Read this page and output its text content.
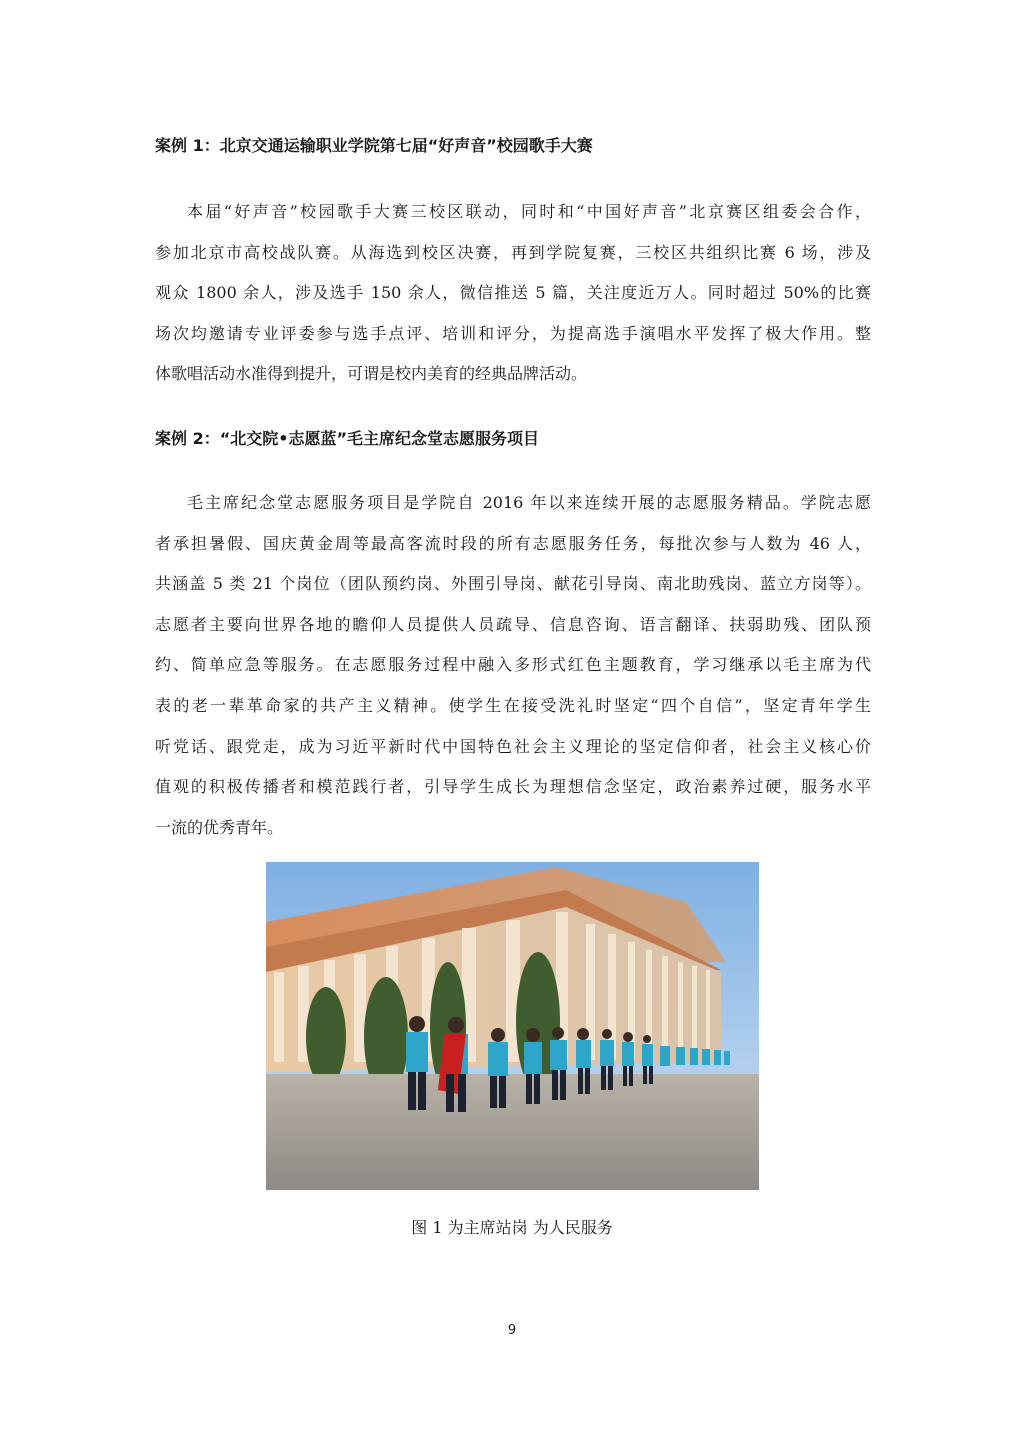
案例 1：北京交通运输职业学院第七届“好声音”校园歌手大赛
本届“好声音”校园歌手大赛三校区联动，同时和“中国好声音”北京赛区组委会合作，
参加北京市高校战队赛。从海选到校区决赛，再到学院复赛，三校区共组织比赛 6 场，涉及
观众 1800 余人，涉及选手 150 余人，微信推送 5 篇，关注度近万人。同时超过 50%的比赛
场次均邀请专业评委参与选手点评、培训和评分，为提高选手演唱水平发挥了极大作用。整
体歌唱活动水准得到提升，可谓是校内美育的经典品牌活动。
案例 2：“北交院•志愿蓝”毛主席纪念堂志愿服务项目
毛主席纪念堂志愿服务项目是学院自 2016 年以来连续开展的志愿服务精品。学院志愿
者承担暑假、国庆黄金周等最高客流时段的所有志愿服务任务，每批次参与人数为 46 人，
共涵盖 5 类 21 个岗位（团队预约岗、外围引导岗、献花引导岗、南北助残岗、蓝立方岗等）。
志愿者主要向世界各地的瞻仰人员提供人员疏导、信息咨询、语言翻译、扶弱助残、团队预
约、简单应急等服务。在志愿服务过程中融入多形式红色主题教育，学习继承以毛主席为代
表的老一辈革命家的共产主义精神。使学生在接受洗礼时坚定“四个自信”，坚定青年学生
听党话、跟党走，成为习近平新时代中国特色社会主义理论的坚定信仰者，社会主义核心价
值观的积极传播者和模范践行者，引导学生成长为理想信念坚定，政治素养过硬，服务水平
一流的优秀青年。
图 1 为主席站岗 为人民服务
9
